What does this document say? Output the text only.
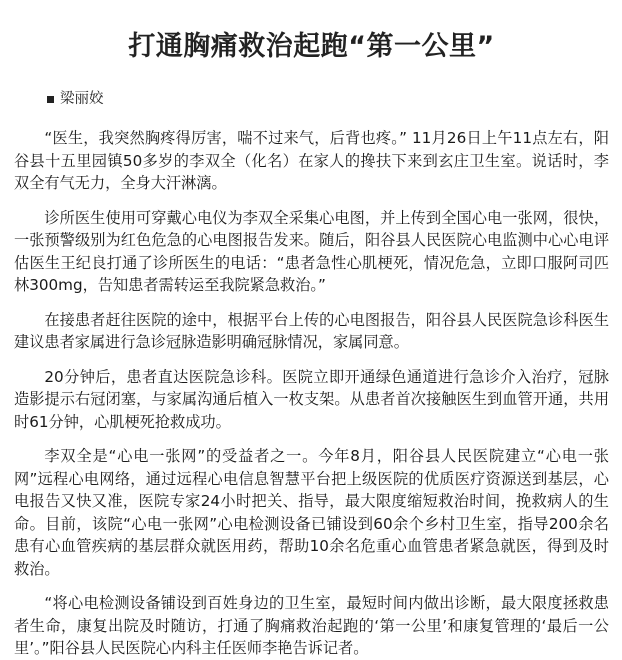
打通胸痛救治起跑“第一公里”
梁丽姣

“医生，我突然胸疼得厉害，喘不过来气，后背也疼。” 11月26日上午11点左右，阳谷县十五里园镇50多岁的李双全（化名）在家人的搀扶下来到玄庄卫生室。说话时，李双全有气无力，全身大汗淋漓。

诊所医生使用可穿戴心电仪为李双全采集心电图，并上传到全国心电一张网，很快，一张预警级别为红色危急的心电图报告发来。随后，阳谷县人民医院心电监测中心心电评估医生王纪良打通了诊所医生的电话：“患者急性心肌梗死，情况危急，立即口服阿司匹林300mg，告知患者需转运至我院紧急救治。”

在接患者赶往医院的途中，根据平台上传的心电图报告，阳谷县人民医院急诊科医生建议患者家属进行急诊冠脉造影明确冠脉情况，家属同意。

20分钟后，患者直达医院急诊科。医院立即开通绿色通道进行急诊介入治疗，冠脉造影提示右冠闭塞，与家属沟通后植入一枚支架。从患者首次接触医生到血管开通，共用时61分钟，心肌梗死抢救成功。

李双全是“心电一张网”的受益者之一。今年8月，阳谷县人民医院建立“心电一张网”远程心电网络，通过远程心电信息智慧平台把上级医院的优质医疗资源送到基层，心电报告又快又准，医院专家24小时把关、指导，最大限度缩短救治时间，挽救病人的生命。目前，该院“心电一张网”心电检测设备已铺设到60余个乡村卫生室，指导200余名患有心血管疾病的基层群众就医用药，帮助10余名危重心血管患者紧急就医，得到及时救治。

“将心电检测设备铺设到百姓身边的卫生室，最短时间内做出诊断，最大限度拯救患者生命，康复出院及时随访，打通了胸痛救治起跑的‘第一公里’和康复管理的‘最后一公里’。”阳谷县人民医院心内科主任医师李艳告诉记者。
